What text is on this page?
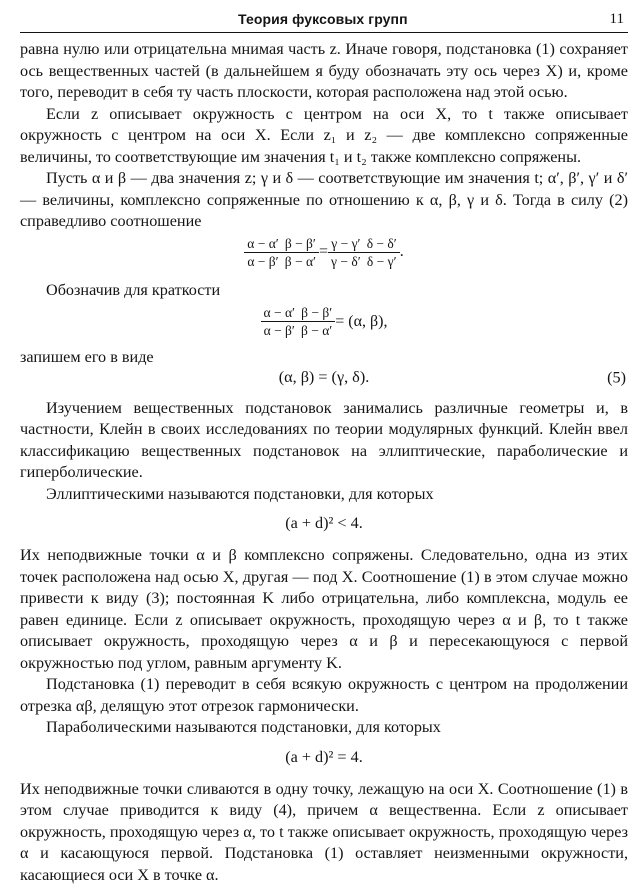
Теория фуксовых групп	11

равна нулю или отрицательна мнимая часть z. Иначе говоря, подстановка (1) сохраняет ось вещественных частей (в дальнейшем я буду обозначать эту ось через X) и, кроме того, переводит в себя ту часть плоскости, которая расположена над этой осью.

Если z описывает окружность с центром на оси X, то t также описывает окружность с центром на оси X. Если z₁ и z₂ — две комплексно сопряженные величины, то соответствующие им значения t₁ и t₂ также комплексно сопряжены.

Пусть α и β — два значения z; γ и δ — соответствующие им значения t; α′, β′, γ′ и δ′ — величины, комплексно сопряженные по отношению к α, β, γ и δ. Тогда в силу (2) справедливо соотношение

$\frac{\alpha - \alpha'}{\alpha - \beta'} \frac{\beta - \beta'}{\beta - \alpha'} = \frac{\gamma - \gamma'}{\gamma - \delta'} \frac{\delta - \delta'}{\delta - \gamma'}$ .

Обозначив для краткости

$\frac{\alpha - \alpha'}{\alpha - \beta'} \frac{\beta - \beta'}{\beta - \alpha'} = (\alpha$, β),

запишем его в виде

(α, β) = (γ, δ).	(5)

Изучением вещественных подстановок занимались различные геометры и, в частности, Клейн в своих исследованиях по теории модулярных функций. Клейн ввел классификацию вещественных подстановок на эллиптические, параболические и гиперболические.

Эллиптическими называются подстановки, для которых

(a + d)² < 4.

Их неподвижные точки α и β комплексно сопряжены. Следовательно, одна из этих точек расположена над осью X, другая — под X. Соотношение (1) в этом случае можно привести к виду (3); постоянная K либо отрицательна, либо комплексна, модуль ее равен единице. Если z описывает окружность, проходящую через α и β, то t также описывает окружность, проходящую через α и β и пересекающуюся с первой окружностью под углом, равным аргументу K.

Подстановка (1) переводит в себя всякую окружность с центром на продолжении отрезка αβ, делящую этот отрезок гармонически.

Параболическими называются подстановки, для которых

(a + d)² = 4.

Их неподвижные точки сливаются в одну точку, лежащую на оси X. Соотношение (1) в этом случае приводится к виду (4), причем α вещественна. Если z описывает окружность, проходящую через α, то t также описывает окружность, проходящую через α и касающуюся первой. Подстановка (1) оставляет неизменными окружности, касающиеся оси X в точке α.
